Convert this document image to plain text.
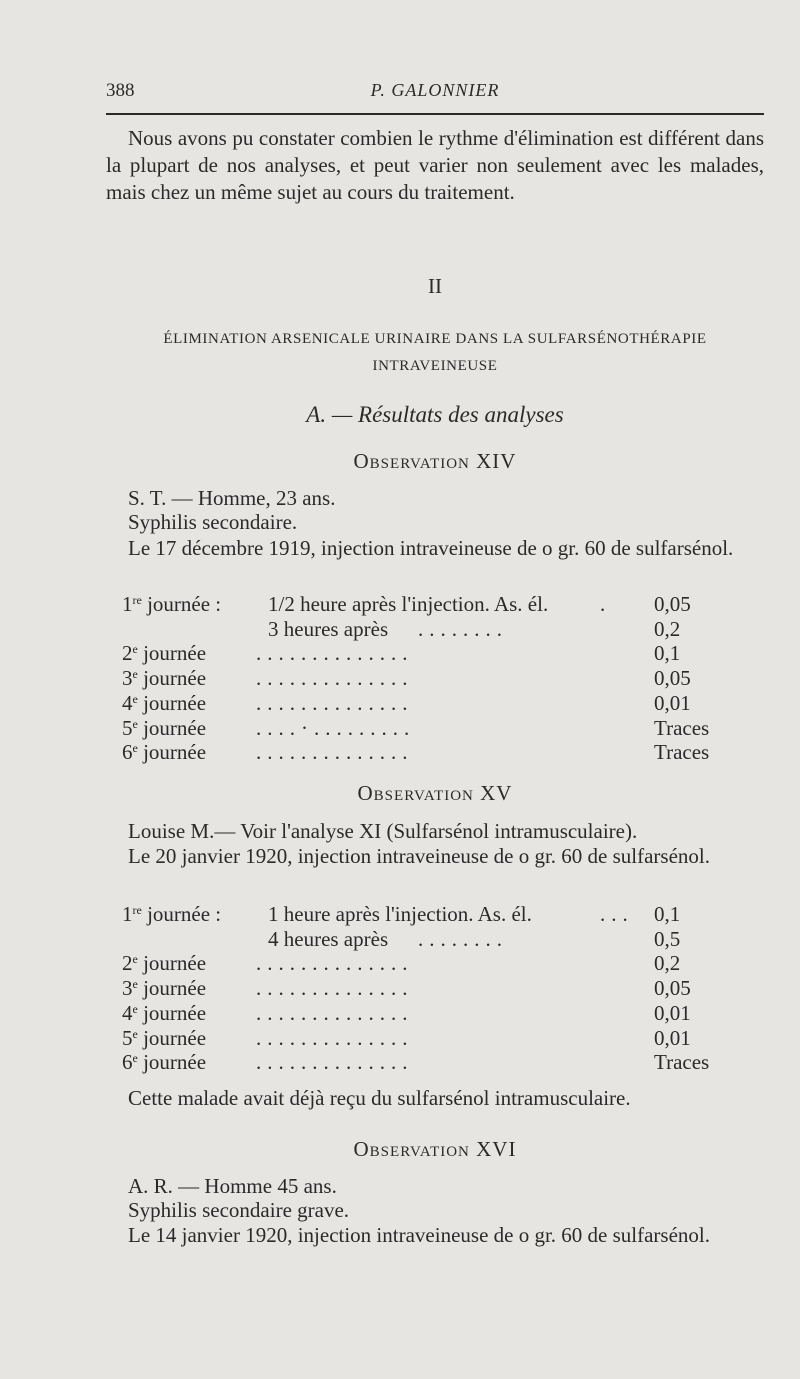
388	P. GALONNIER

Nous avons pu constater combien le rythme d'élimination est différent dans la plupart de nos analyses, et peut varier non seulement avec les malades, mais chez un même sujet au cours du traitement.

II

ÉLIMINATION ARSENICALE URINAIRE DANS LA SULFARSÉNOTHÉRAPIE

INTRAVEINEUSE

A. — Résultats des analyses

Observation XIV

S. T. — Homme, 23 ans.

Syphilis secondaire.

Le 17 décembre 1919, injection intraveineuse de o gr. 60 de sulfarsénol.

1re journée : 1/2 heure après l'injection. As. él. . 0,05
3 heures après ........	0,2
2e journée ..............	0,1
3e journée ..............	0,05
4e journée ..............	0,01
5e journée ....·.........	Traces
6e journée ..............	Traces

Observation XV

Louise M.— Voir l'analyse XI (Sulfarsénol intramusculaire).

Le 20 janvier 1920, injection intraveineuse de o gr. 60 de sulfarsénol.

1re journée : 1 heure après l'injection. As. él.	... 0,1
4 heures après ........	0,5
2e journée ..............	0,2
3e journée ..............	0,05
4e journée ..............	0,01
5e journée ..............	0,01
6e journée ..............	Traces

Cette malade avait déjà reçu du sulfarsénol intramusculaire.

Observation XVI

A. R. — Homme 45 ans.

Syphilis secondaire grave.

Le 14 janvier 1920, injection intraveineuse de o gr. 60 de sulfarsénol.
